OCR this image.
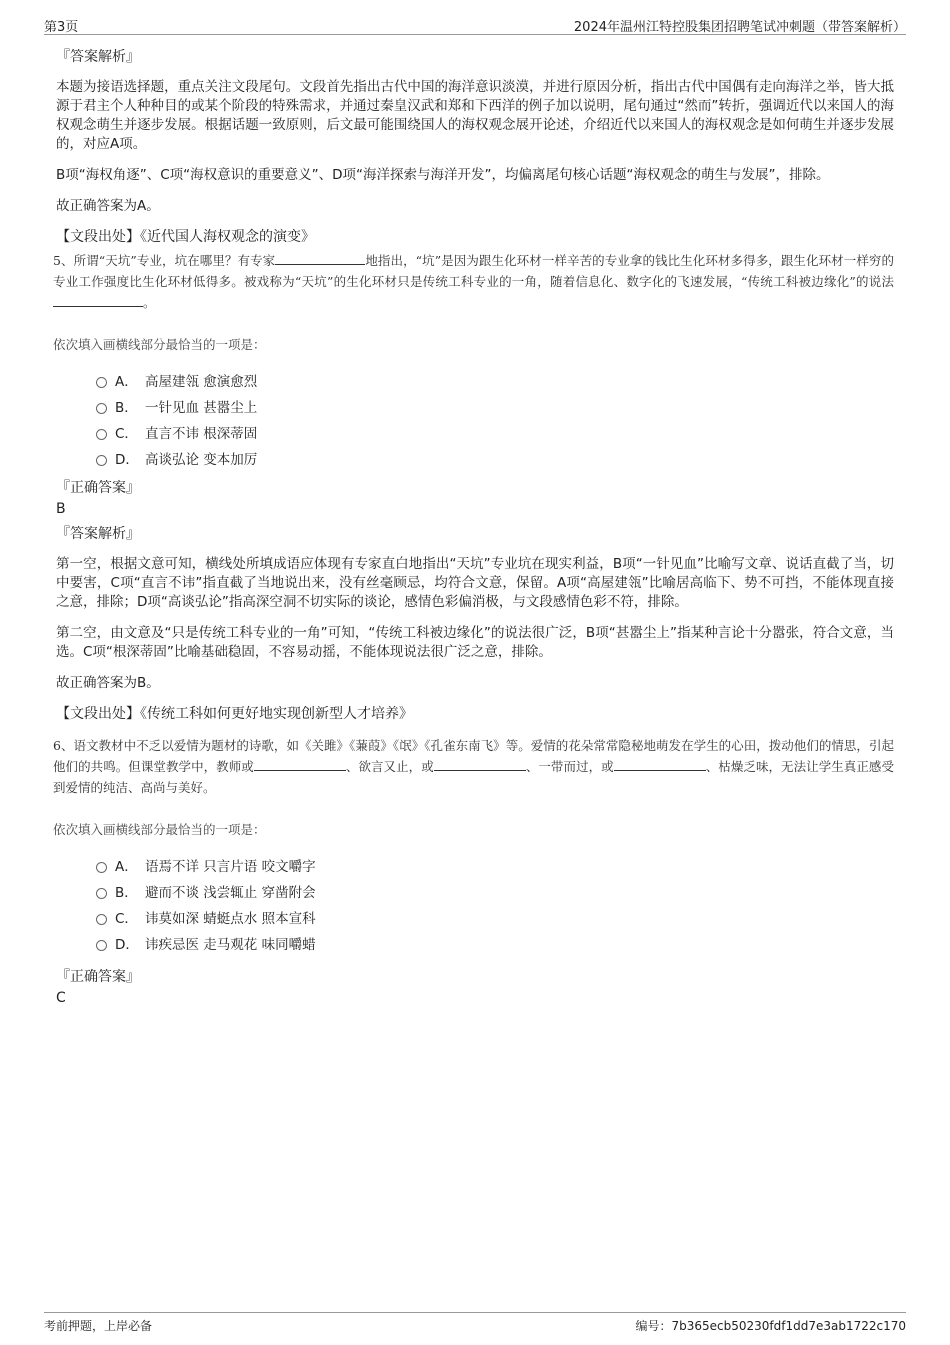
第3页	2024年温州江特控股集团招聘笔试冲刺题（带答案解析）
『答案解析』
本题为接语选择题，重点关注文段尾句。文段首先指出古代中国的海洋意识淡漠，并进行原因分析，指出古代中国偶有走向海洋之举，皆大抵源于君主个人种种目的或某个阶段的特殊需求，并通过秦皇汉武和郑和下西洋的例子加以说明，尾句通过“然而”转折，强调近代以来国人的海权观念萌生并逐步发展。根据话题一致原则，后文最可能围绕国人的海权观念展开论述，介绍近代以来国人的海权观念是如何萌生并逐步发展的，对应A项。
B项“海权角逐”、C项“海权意识的重要意义”、D项“海洋探索与海洋开发”，均偏离尾句核心话题“海权观念的萌生与发展”，排除。
故正确答案为A。
【文段出处】《近代国人海权观念的演变》
5、所谓“天坑”专业，坑在哪里？有专家	地指出，“坑”是因为跟生化环材一样辛苦的专业拿的钱比生化环材多得多，跟生化环材一样穷的专业工作强度比生化环材低得多。被戏称为“天坑”的生化环材只是传统工科专业的一角，随着信息化、数字化的飞速发展，“传统工科被边缘化”的说法。
依次填入画横线部分最恰当的一项是：
A． 高屋建瓴 愈演愈烈
B． 一针见血 甚嚣尘上
C． 直言不讳 根深蒂固
D． 高谈弘论 变本加厉
『正确答案』
B
『答案解析』
第一空，根据文意可知，横线处所填成语应体现有专家直白地指出“天坑”专业坑在现实利益，B项“一针见血”比喻写文章、说话直截了当，切中要害，C项“直言不讳”指直截了当地说出来，没有丝毫顾忌，均符合文意，保留。A项“高屋建瓴”比喻居高临下、势不可挡，不能体现直接之意，排除；D项“高谈弘论”指高深空洞不切实际的谈论，感情色彩偏消极，与文段感情色彩不符，排除。
第二空，由文意及“只是传统工科专业的一角”可知，“传统工科被边缘化”的说法很广泛，B项“甚嚣尘上”指某种言论十分嚣张，符合文意，当选。C项“根深蒂固”比喻基础稳固，不容易动摇，不能体现说法很广泛之意，排除。
故正确答案为B。
【文段出处】《传统工科如何更好地实现创新型人才培养》
6、语文教材中不乏以爱情为题材的诗歌，如《关雎》《蒹葭》《氓》《孔雀东南飞》等。爱情的花朵常常隐秘地萌发在学生的心田，拨动他们的情思，引起他们的共鸣。但课堂教学中，教师或	、欲言又止，或	、一带而过，或	、枯燥乏味，无法让学生真正感受到爱情的纯洁、高尚与美好。
依次填入画横线部分最恰当的一项是：
A． 语焉不详 只言片语 咬文嚼字
B． 避而不谈 浅尝辄止 穿凿附会
C． 讳莫如深 蜻蜓点水 照本宣科
D． 讳疾忌医 走马观花 味同嚼蜡
『正确答案』
C
考前押题，上岸必备	编号：7b365ecb50230fdf1dd7e3ab1722c170
